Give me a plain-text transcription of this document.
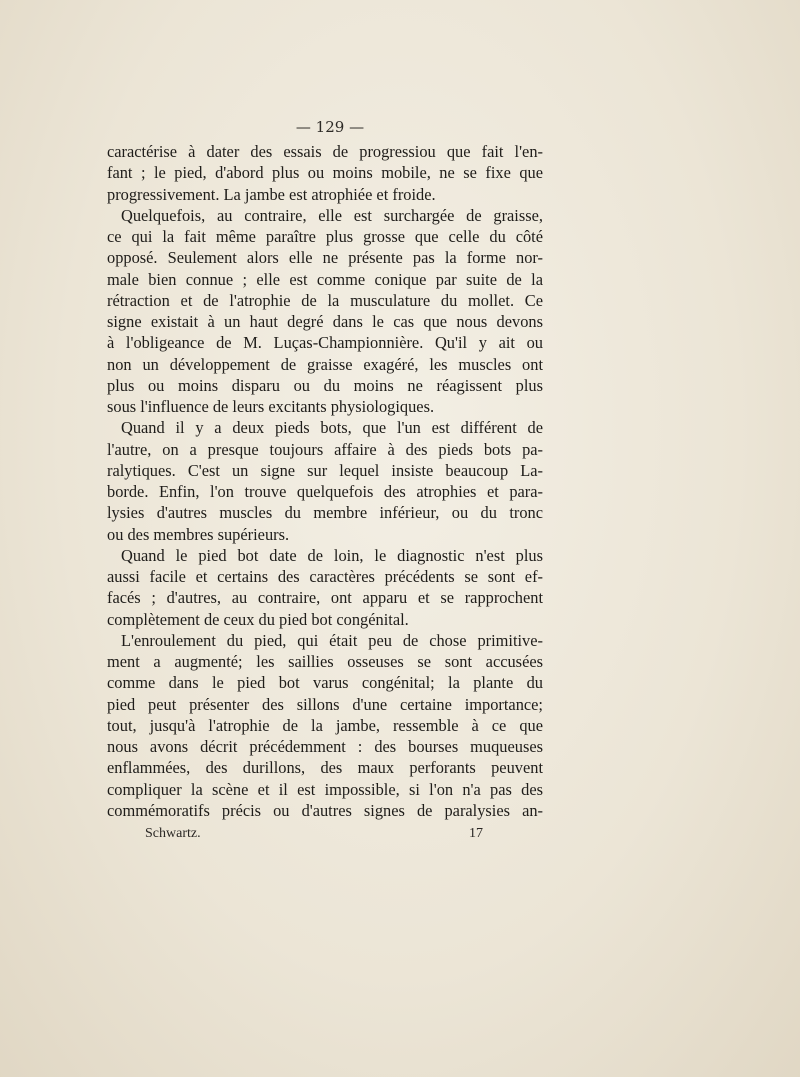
— 129 —
caractérise à dater des essais de progressiou que fait l'en-
fant ; le pied, d'abord plus ou moins mobile, ne se fixe que
progressivement. La jambe est atrophiée et froide.
Quelquefois, au contraire, elle est surchargée de graisse,
ce qui la fait même paraître plus grosse que celle du côté
opposé. Seulement alors elle ne présente pas la forme nor-
male bien connue ; elle est comme conique par suite de la
rétraction et de l'atrophie de la musculature du mollet. Ce
signe existait à un haut degré dans le cas que nous devons
à l'obligeance de M. Luças-Championnière. Qu'il y ait ou
non un développement de graisse exagéré, les muscles ont
plus ou moins disparu ou du moins ne réagissent plus
sous l'influence de leurs excitants physiologiques.
Quand il y a deux pieds bots, que l'un est différent de
l'autre, on a presque toujours affaire à des pieds bots pa-
ralytiques. C'est un signe sur lequel insiste beaucoup La-
borde. Enfin, l'on trouve quelquefois des atrophies et para-
lysies d'autres muscles du membre inférieur, ou du tronc
ou des membres supérieurs.
Quand le pied bot date de loin, le diagnostic n'est plus
aussi facile et certains des caractères précédents se sont ef-
facés ; d'autres, au contraire, ont apparu et se rapprochent
complètement de ceux du pied bot congénital.
L'enroulement du pied, qui était peu de chose primitive-
ment a augmenté; les saillies osseuses se sont accusées
comme dans le pied bot varus congénital; la plante du
pied peut présenter des sillons d'une certaine importance;
tout, jusqu'à l'atrophie de la jambe, ressemble à ce que
nous avons décrit précédemment : des bourses muqueuses
enflammées, des durillons, des maux perforants peuvent
compliquer la scène et il est impossible, si l'on n'a pas des
commémoratifs précis ou d'autres signes de paralysies an-
Schwartz.	17
